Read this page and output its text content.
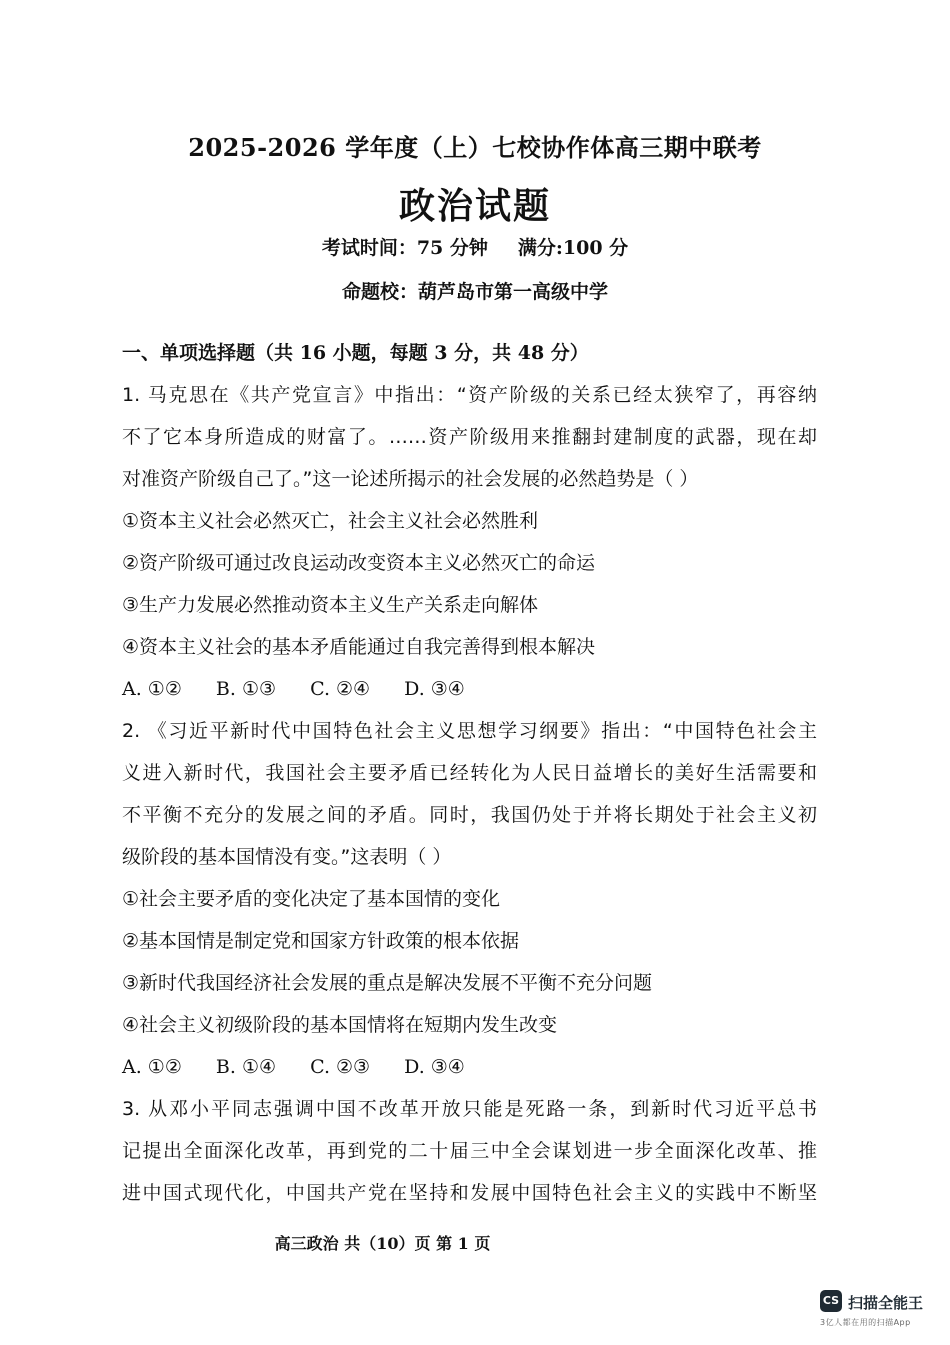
2025-2026 学年度（上）七校协作体高三期中联考
政治试题
考试时间：75 分钟 满分:100 分
命题校：葫芦岛市第一高级中学
一、单项选择题（共 16 小题，每题 3 分，共 48 分）
1. 马克思在《共产党宣言》中指出：“资产阶级的关系已经太狭窄了，再容纳
不了它本身所造成的财富了。……资产阶级用来推翻封建制度的武器，现在却
对准资产阶级自己了。”这一论述所揭示的社会发展的必然趋势是（ ）
①资本主义社会必然灭亡，社会主义社会必然胜利
②资产阶级可通过改良运动改变资本主义必然灭亡的命运
③生产力发展必然推动资本主义生产关系走向解体
④资本主义社会的基本矛盾能通过自我完善得到根本解决
A. ①② B. ①③ C. ②④ D. ③④
2. 《习近平新时代中国特色社会主义思想学习纲要》指出：“中国特色社会主
义进入新时代，我国社会主要矛盾已经转化为人民日益增长的美好生活需要和
不平衡不充分的发展之间的矛盾。同时，我国仍处于并将长期处于社会主义初
级阶段的基本国情没有变。”这表明（ ）
①社会主要矛盾的变化决定了基本国情的变化
②基本国情是制定党和国家方针政策的根本依据
③新时代我国经济社会发展的重点是解决发展不平衡不充分问题
④社会主义初级阶段的基本国情将在短期内发生改变
A. ①② B. ①④ C. ②③ D. ③④
3. 从邓小平同志强调中国不改革开放只能是死路一条，到新时代习近平总书
记提出全面深化改革，再到党的二十届三中全会谋划进一步全面深化改革、推
进中国式现代化，中国共产党在坚持和发展中国特色社会主义的实践中不断坚
高三政治 共（10）页 第 1 页
CS 扫描全能王
3亿人都在用的扫描App
